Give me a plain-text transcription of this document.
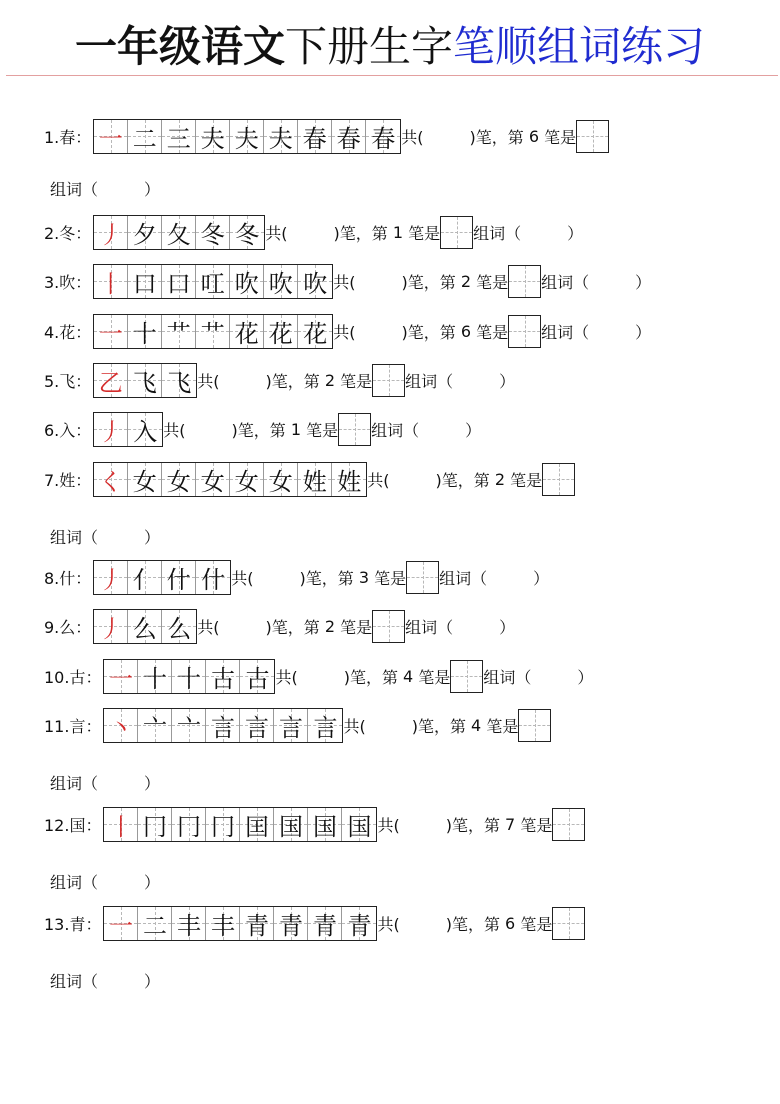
一年级语文下册生字笔顺组词练习
1.春： 一 二 三 夫 夫 夫 春 春 春 共(	)笔，第 6 笔是
组词（	）
2.冬： 丿 夕 夂 冬 冬 共(	)笔，第 1 笔是 组词（	）
3.吹： 丨 口 口 叿 吹 吹 吹 共(	)笔，第 2 笔是 组词（	）
4.花： 一 十 艹 艹 花 花 花 共(	)笔，第 6 笔是 组词（	）
5.飞： 乙 飞 飞 共(	)笔，第 2 笔是 组词（	）
6.入： 丿 入 共(	)笔，第 1 笔是 组词（	）
7.姓： く 女 女 女 女 女 姓 姓 共(	)笔，第 2 笔是
组词（	）
8.什： 丿 亻 什 什 共(	)笔，第 3 笔是 组词（	）
9.么： 丿 么 么 共(	)笔，第 2 笔是 组词（	）
10.古： 一 十 十 古 古 共(	)笔，第 4 笔是 组词（	）
11.言： 丶 亠 亠 言 言 言 言 共(	)笔，第 4 笔是
组词（	）
12.国： 丨 冂 冂 冂 囯 国 国 国 共(	)笔，第 7 笔是
组词（	）
13.青： 一 二 丰 丰 青 青 青 青 共(	)笔，第 6 笔是
组词（	）
